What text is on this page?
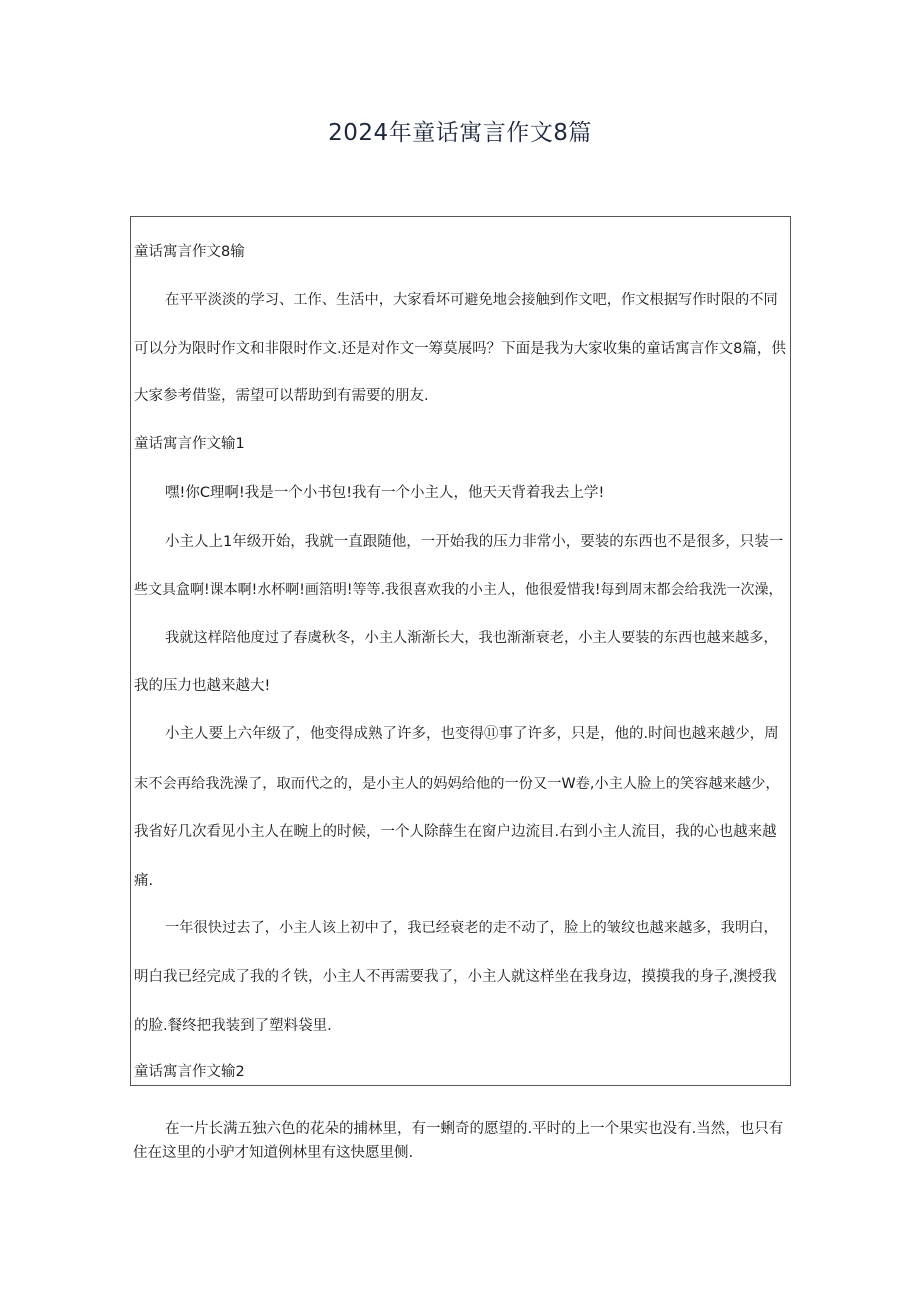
2024年童话寓言作文8篇
童话寓言作文8输
在平平淡淡的学习、工作、生活中，大家看坏可避免地会接触到作文吧，作文根据写作时限的不同
可以分为限时作文和非限时作文.还是对作文一筹莫展吗？下面是我为大家收集的童话寓言作文8篇，供
大家参考借鉴，需望可以帮助到有需要的朋友.
童话寓言作文输1
嘿!你C理啊!我是一个小书包!我有一个小主人，他天天背着我去上学!
小主人上1年级开始，我就一直跟随他，一开始我的压力非常小，要装的东西也不是很多，只装一
些文具盒啊!课本啊!水杯啊!画箔明!等等.我很喜欢我的小主人，他很爱惜我!每到周末都会给我洗一次澡，
我就这样陪他度过了春虞秋冬，小主人渐渐长大，我也渐渐衰老，小主人要装的东西也越来越多，
我的压力也越来越大!
小主人要上六年级了，他变得成熟了许多，也变得⑪事了许多，只是，他的.时间也越来越少，周
末不会再给我洗澡了，取而代之的，是小主人的妈妈给他的一份又一W卷,小主人脸上的笑容越来越少，
我省好几次看见小主人在畹上的时候，一个人除薛生在窗户边流目.右到小主人流目，我的心也越来越
痛.
一年很快过去了，小主人该上初中了，我已经衰老的走不动了，脸上的皱纹也越来越多，我明白，
明白我已经完成了我的彳铁，小主人不再需要我了，小主人就这样坐在我身边，摸摸我的身子,澳授我
的脸.餐终把我装到了塑料袋里.
童话寓言作文输2
在一片长满五独六色的花朵的捕林里，有一蜊奇的愿望的.平时的上一个果实也没有.当然，也只有
住在这里的小驴才知道例林里有这快愿里侧.
